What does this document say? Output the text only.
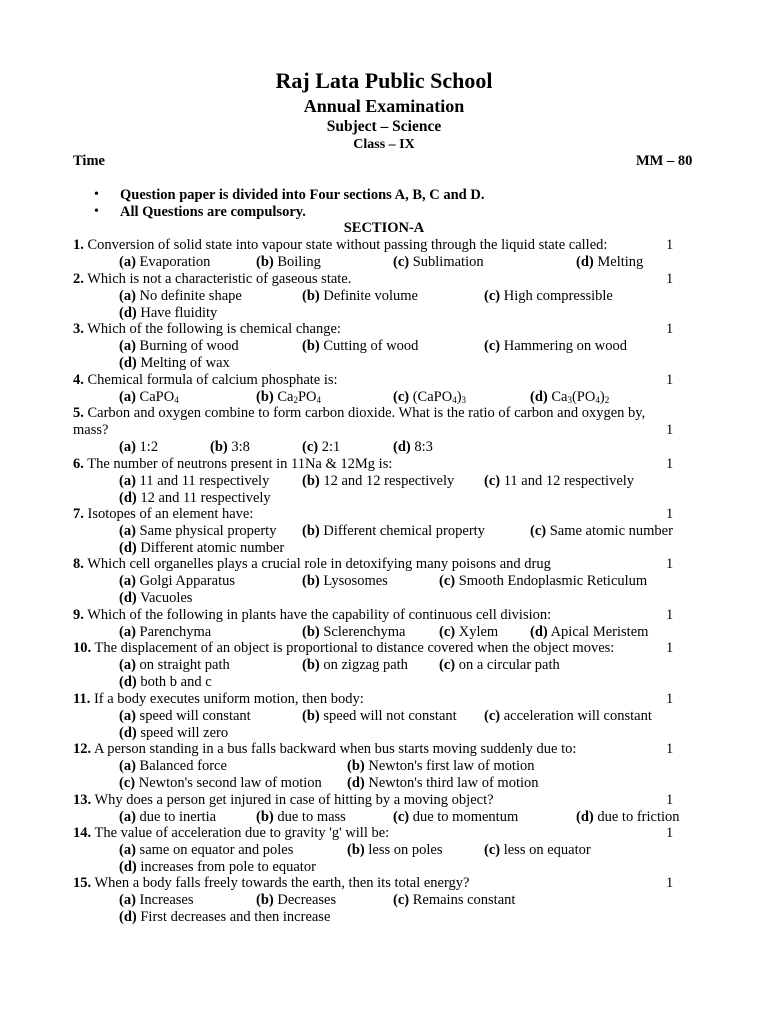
Raj Lata Public School
Annual Examination
Subject – Science
Class – IX
Time	MM – 80
• Question paper is divided into Four sections A, B, C and D.
• All Questions are compulsory.
SECTION-A
1. Conversion of solid state into vapour state without passing through the liquid state called:	1
(a) Evaporation	(b) Boiling	(c) Sublimation	(d) Melting
2. Which is not a characteristic of gaseous state.	1
(a) No definite shape	(b) Definite volume	(c) High compressible
(d) Have fluidity
3. Which of the following is chemical change:	1
(a) Burning of wood	(b) Cutting of wood	(c) Hammering on wood
(d) Melting of wax
4. Chemical formula of calcium phosphate is:	1
(a) CaPO$_4$	(b) $Ca_2PO_4$	(c) $(CaPO_4)_3$	(d) $Ca_3(PO_4)_2$
5. Carbon and oxygen combine to form carbon dioxide. What is the ratio of carbon and oxygen by,
mass?	1
(a) 1:2	(b) 3:8	(c) 2:1	(d) 8:3
6. The number of neutrons present in 11Na & 12Mg is:	1
(a) 11 and 11 respectively (b) 12 and 12 respectively (c) 11 and 12 respectively
(d) 12 and 11 respectively
7. Isotopes of an element have:	1
(a) Same physical property (b) Different chemical property	(c) Same atomic number
(d) Different atomic number
8. Which cell organelles plays a crucial role in detoxifying many poisons and drug	1
(a) Golgi Apparatus	(b) Lysosomes	(c) Smooth Endoplasmic Reticulum
(d) Vacuoles
9. Which of the following in plants have the capability of continuous cell division:	1
(a) Parenchyma	(b) Sclerenchyma (c) Xylem (d) Apical Meristem
10. The displacement of an object is proportional to distance covered when the object moves:	1
(a) on straight path	(b) on zigzag path (c) on a circular path
(d) both b and c
11. If a body executes uniform motion, then body:	1
(a) speed will constant	(b) speed will not constant (c) acceleration will constant
(d) speed will zero
12. A person standing in a bus falls backward when bus starts moving suddenly due to:	1
(a) Balanced force	(b) Newton's first law of motion
(c) Newton's second law of motion (d) Newton's third law of motion
13. Why does a person get injured in case of hitting by a moving object?	1
(a) due to inertia	(b) due to mass	(c) due to momentum	(d) due to friction
14. The value of acceleration due to gravity 'g' will be:	1
(a) same on equator and poles	(b) less on poles	(c) less on equator
(d) increases from pole to equator
15. When a body falls freely towards the earth, then its total energy?	1
(a) Increases	(b) Decreases	(c) Remains constant
(d) First decreases and then increase
